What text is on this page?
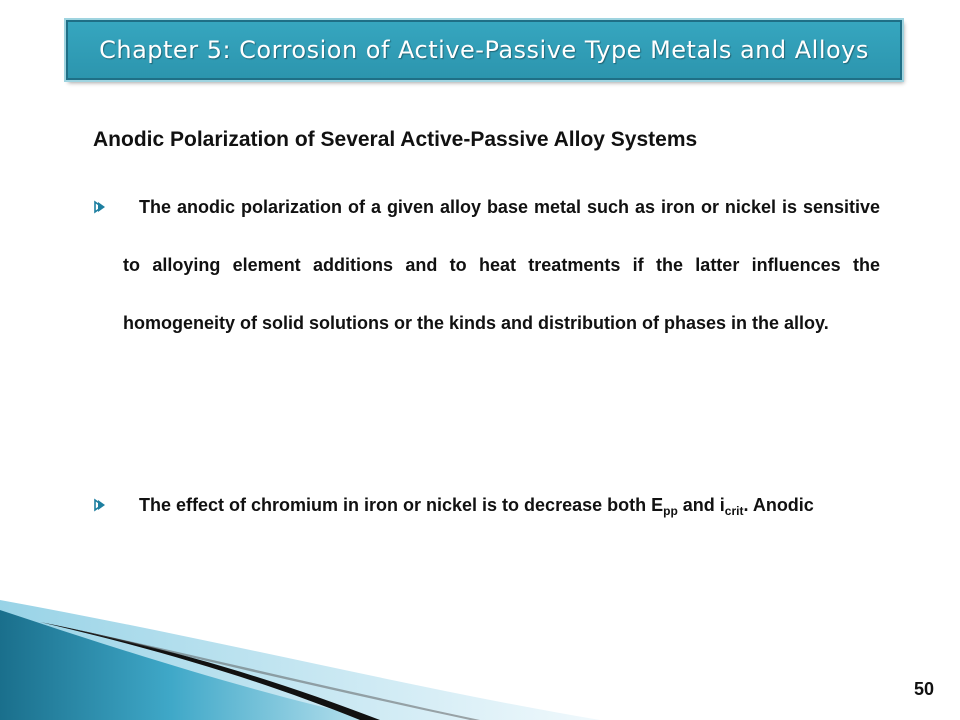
Chapter 5: Corrosion of Active-Passive Type Metals and Alloys
Anodic Polarization of Several Active-Passive Alloy Systems
The anodic polarization of a given alloy base metal such as iron or nickel is sensitive to alloying element additions and to heat treatments if the latter influences the homogeneity of solid solutions or the kinds and distribution of phases in the alloy.
The effect of chromium in iron or nickel is to decrease both $E_{pp}$ and $i_{crit}$. Anodic
50
